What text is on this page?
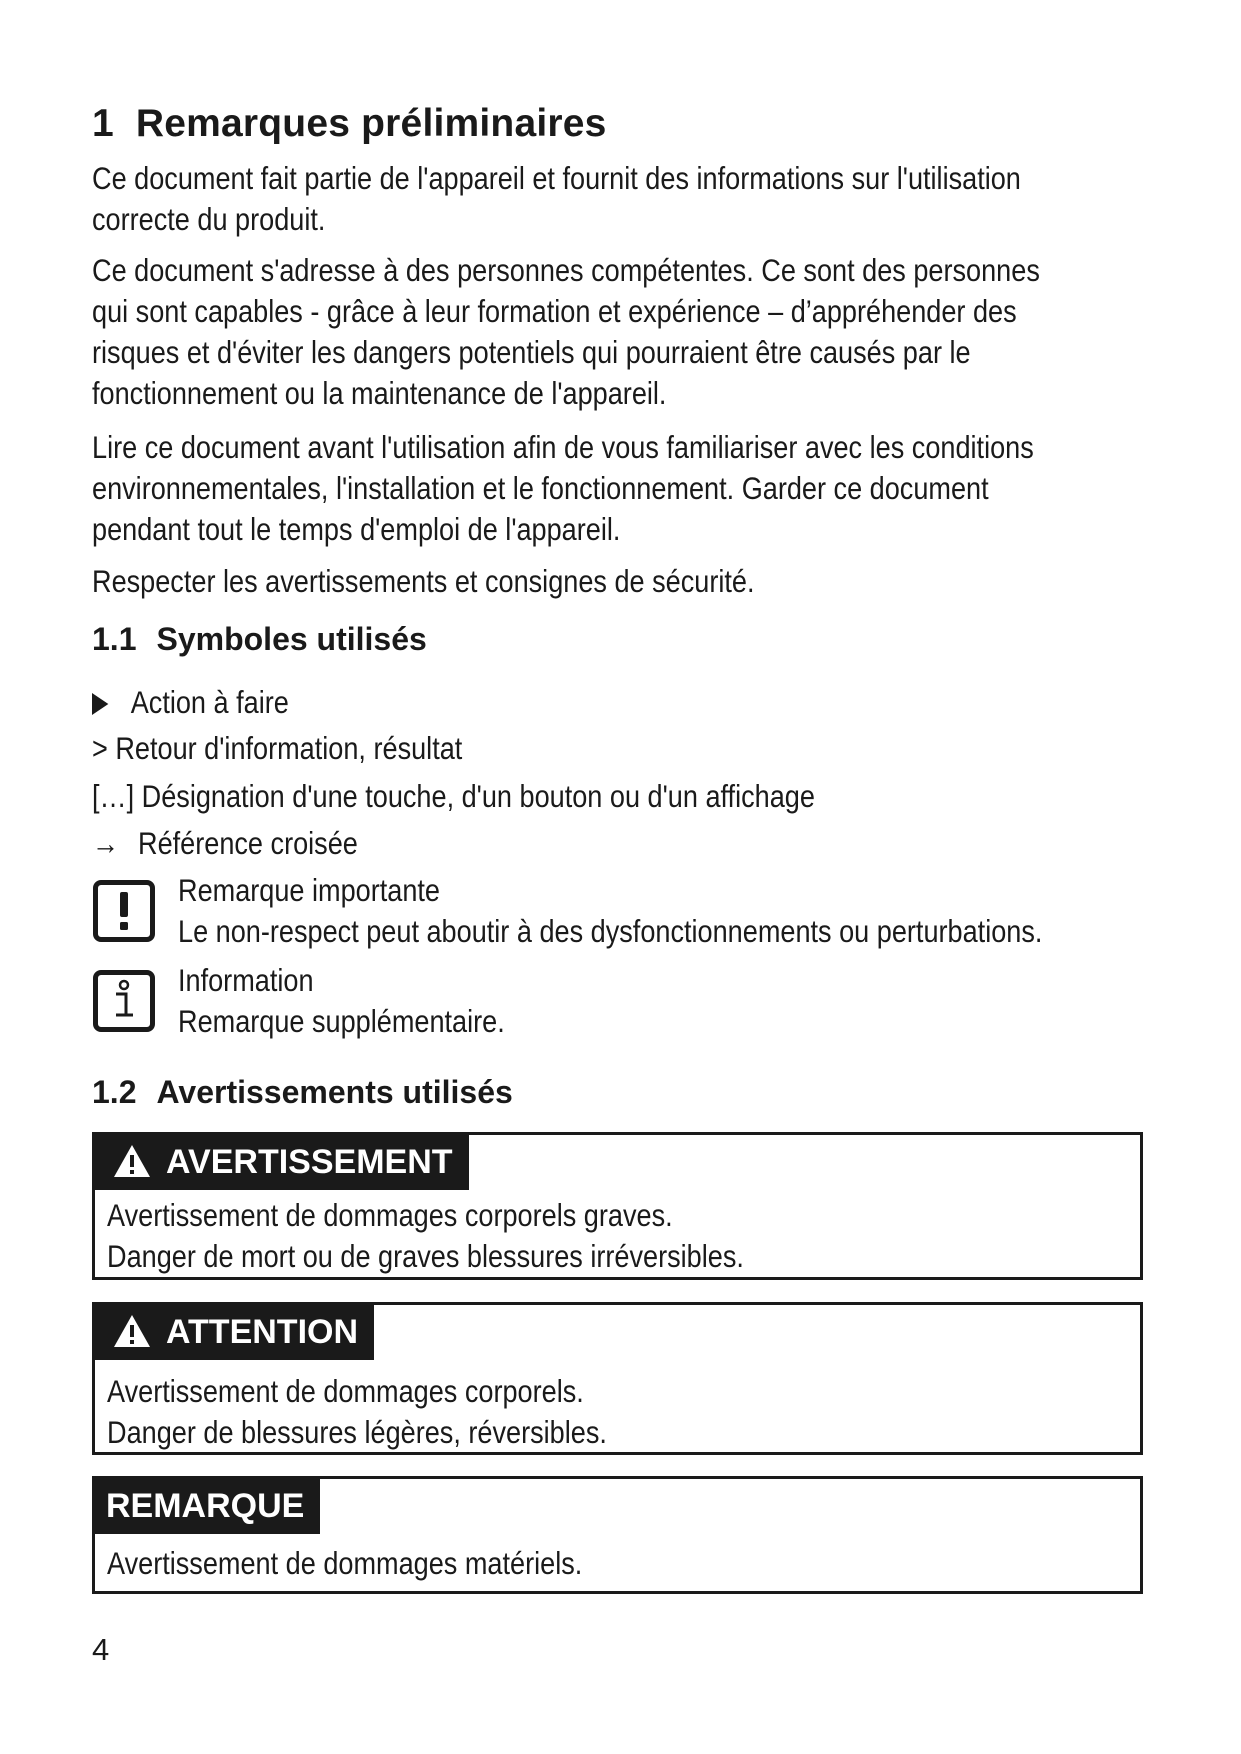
1 Remarques préliminaires

Ce document fait partie de l'appareil et fournit des informations sur l'utilisation
correcte du produit.

Ce document s'adresse à des personnes compétentes. Ce sont des personnes
qui sont capables - grâce à leur formation et expérience – d’appréhender des
risques et d'éviter les dangers potentiels qui pourraient être causés par le
fonctionnement ou la maintenance de l'appareil.

Lire ce document avant l'utilisation afin de vous familiariser avec les conditions
environnementales, l'installation et le fonctionnement. Garder ce document
pendant tout le temps d'emploi de l'appareil.

Respecter les avertissements et consignes de sécurité.

1.1 Symboles utilisés
Action à faire
> Retour d'information, résultat
[…] Désignation d'une touche, d'un bouton ou d'un affichage
→ Référence croisée
Remarque importante
Le non-respect peut aboutir à des dysfonctionnements ou perturbations.
Information
Remarque supplémentaire.
1.2 Avertissements utilisés
AVERTISSEMENT
Avertissement de dommages corporels graves.
Danger de mort ou de graves blessures irréversibles.
ATTENTION
Avertissement de dommages corporels.
Danger de blessures légères, réversibles.
REMARQUE
Avertissement de dommages matériels.
4
